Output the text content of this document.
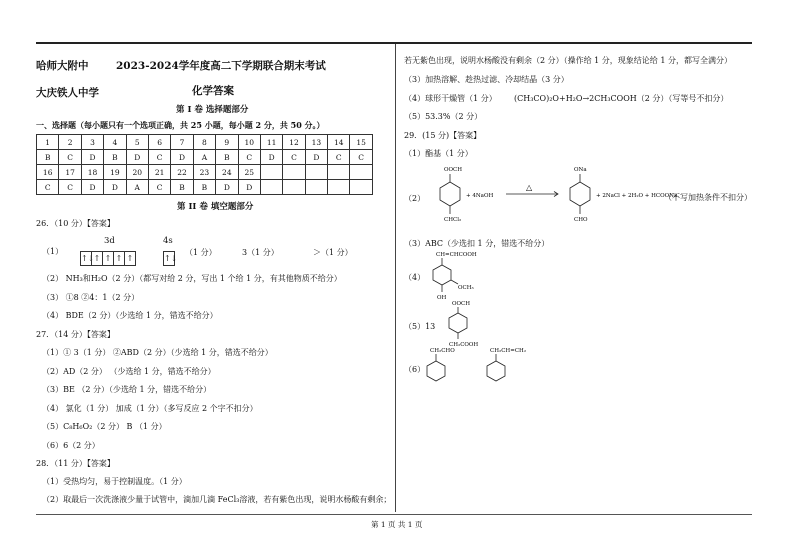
哈师大附中
大庆铁人中学
2023-2024学年度高二下学期联合期末考试
化学答案
第 I 卷 选择题部分
一、选择题（每小题只有一个选项正确，共 25 小题，每小题 2 分，共 50 分。）
1	2	3	4	5	6	7	8	9	10	11	12	13	14	15
B	C	D	B	D	C	D	A	B	C	D	C	D	C	C
16	17	18	19	20	21	22	23	24	25					
C	C	D	D	A	C	B	B	D	D					
第 II 卷 填空题部分
26．（10 分）【答案】
（1）
3d	4s
↑↓↑ ↑ ↑ ↑	↑↓
（1 分）	3（1 分）	＞（1 分）
（2） NH₃和H₂O（2 分）（都写对给 2 分，写出 1 个给 1 分，有其他物质不给分）
（3） ①8 ②4：1（2 分）
（4） BDE（2 分）（少选给 1 分，错选不给分）
27．（14 分）【答案】
（1）① 3（1 分） ②ABD（2 分）（少选给 1 分，错选不给分）
（2）AD（2 分） （少选给 1 分，错选不给分）
（3）BE （2 分）（少选给 1 分，错选不给分）
（4） 氯化（1 分） 加成（1 分）（多写反应 2 个字不扣分）
（5）C₈H₆O₂（2 分） B （1 分）
（6）6（2 分）
28．（11 分）【答案】
（1）受热均匀，易于控制温度。（1 分）
（2）取最后一次洗涤液少量于试管中，滴加几滴 FeCl₃溶液，若有紫色出现，说明水杨酸有剩余；
若无紫色出现，说明水杨酸没有剩余（2 分）（操作给 1 分，现象结论给 1 分，都写全满分）
（3）加热溶解、趁热过滤、冷却结晶（3 分）
（4）球形干燥管（1 分） (CH₃CO)₂O+H₂O→2CH₃COOH（2 分）（写等号不扣分）
（5）53.3%（2 分）
29．(15 分)【答案】
（1）酯基（1 分）
（2）
OOCH
CHCl₂
+ 4NaOH
△
ONa
CHO
+ 2NaCl + 2H₂O + HCOONa
（不写加热条件不扣分）
（3）ABC（少选扣 1 分，错选不给分）
（4）
CH=CHCOOH
OCH₃
OH
（5）13
OOCH
CH₂COOH
（6）
CH₂CHO	CH₂CH=CH₂
第 1 页 共 1 页
